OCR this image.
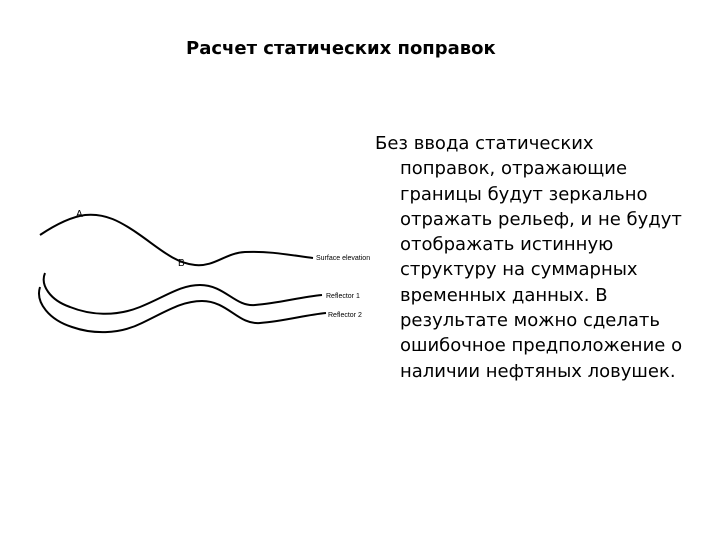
Расчет статических поправок
A
B	Surface elevation
Reflector 1
Reflector 2
Без ввода статических поправок, отражающие границы будут зеркально отражать рельеф, и не будут отображать истинную структуру на суммарных временных данных. В результате можно сделать ошибочное предположение о наличии нефтяных ловушек.
